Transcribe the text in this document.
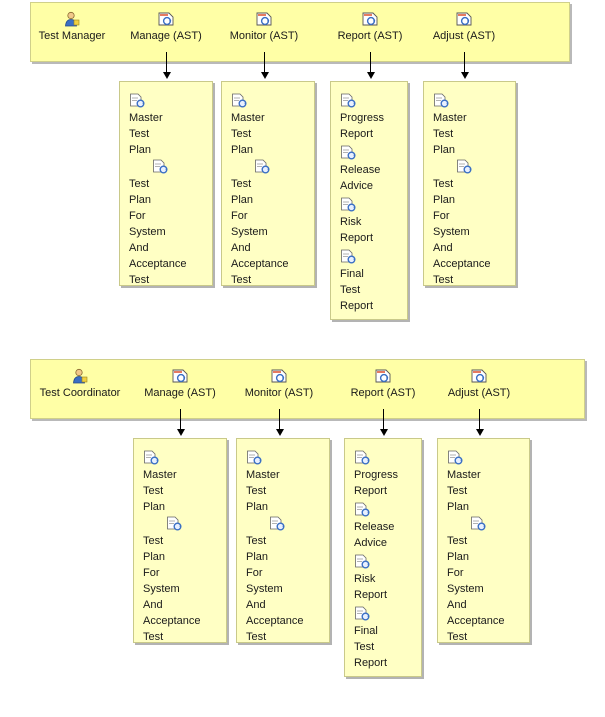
Test Manager	Manage (AST)
Master
Test
Plan
Test
Plan
For
System
And
Acceptance
Test
Monitor (AST)
Master
Test
Plan
Test
Plan
For
System
And
Acceptance
Test
Report (AST)
Progress
Report
Release
Advice
Risk
Report
Final
Test
Report
Adjust (AST)
Master
Test
Plan
Test
Plan
For
System
And
Acceptance
Test
Test Coordinator	Manage (AST)
Master
Test
Plan
Test
Plan
For
System
And
Acceptance
Test
Monitor (AST)
Master
Test
Plan
Test
Plan
For
System
And
Acceptance
Test
Report (AST)
Progress
Report
Release
Advice
Risk
Report
Final
Test
Report
Adjust (AST)
Master
Test
Plan
Test
Plan
For
System
And
Acceptance
Test
